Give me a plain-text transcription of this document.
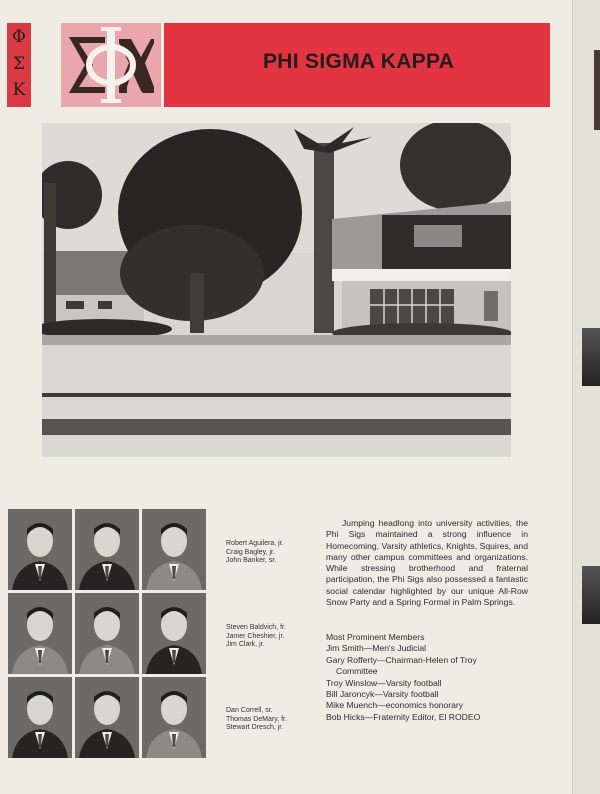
Φ
Σ
Κ
PHI SIGMA KAPPA
Robert Aguilera, jr.
Craig Bagley, jr.
John Banker, sr.
Steven Baldvich, fr.
Jamer Cheshier, jr.
Jim Clark, jr.
Dan Correll, sr.
Thomas DeMary, fr.
Stewart Dresch, jr.

Jumping headlong into university activities, the Phi Sigs maintained a strong influence in Homecoming, Varsity athletics, Knights, Squires, and many other campus committees and organizations. While stressing brotherhood and fraternal participation, the Phi Sigs also possessed a fantastic social calendar highlighted by our unique All-Row Snow Party and a Spring Formal in Palm Springs.

Most Prominent Members
Jim Smith—Men's Judicial
Gary Rofferty—Chairman-Helen of Troy
Committee
Troy Winslow—Varsity football
Bill Jaroncyk—Varsity football
Mike Muench—economics honorary
Bob Hicks—Fraternity Editor, El RODEO
